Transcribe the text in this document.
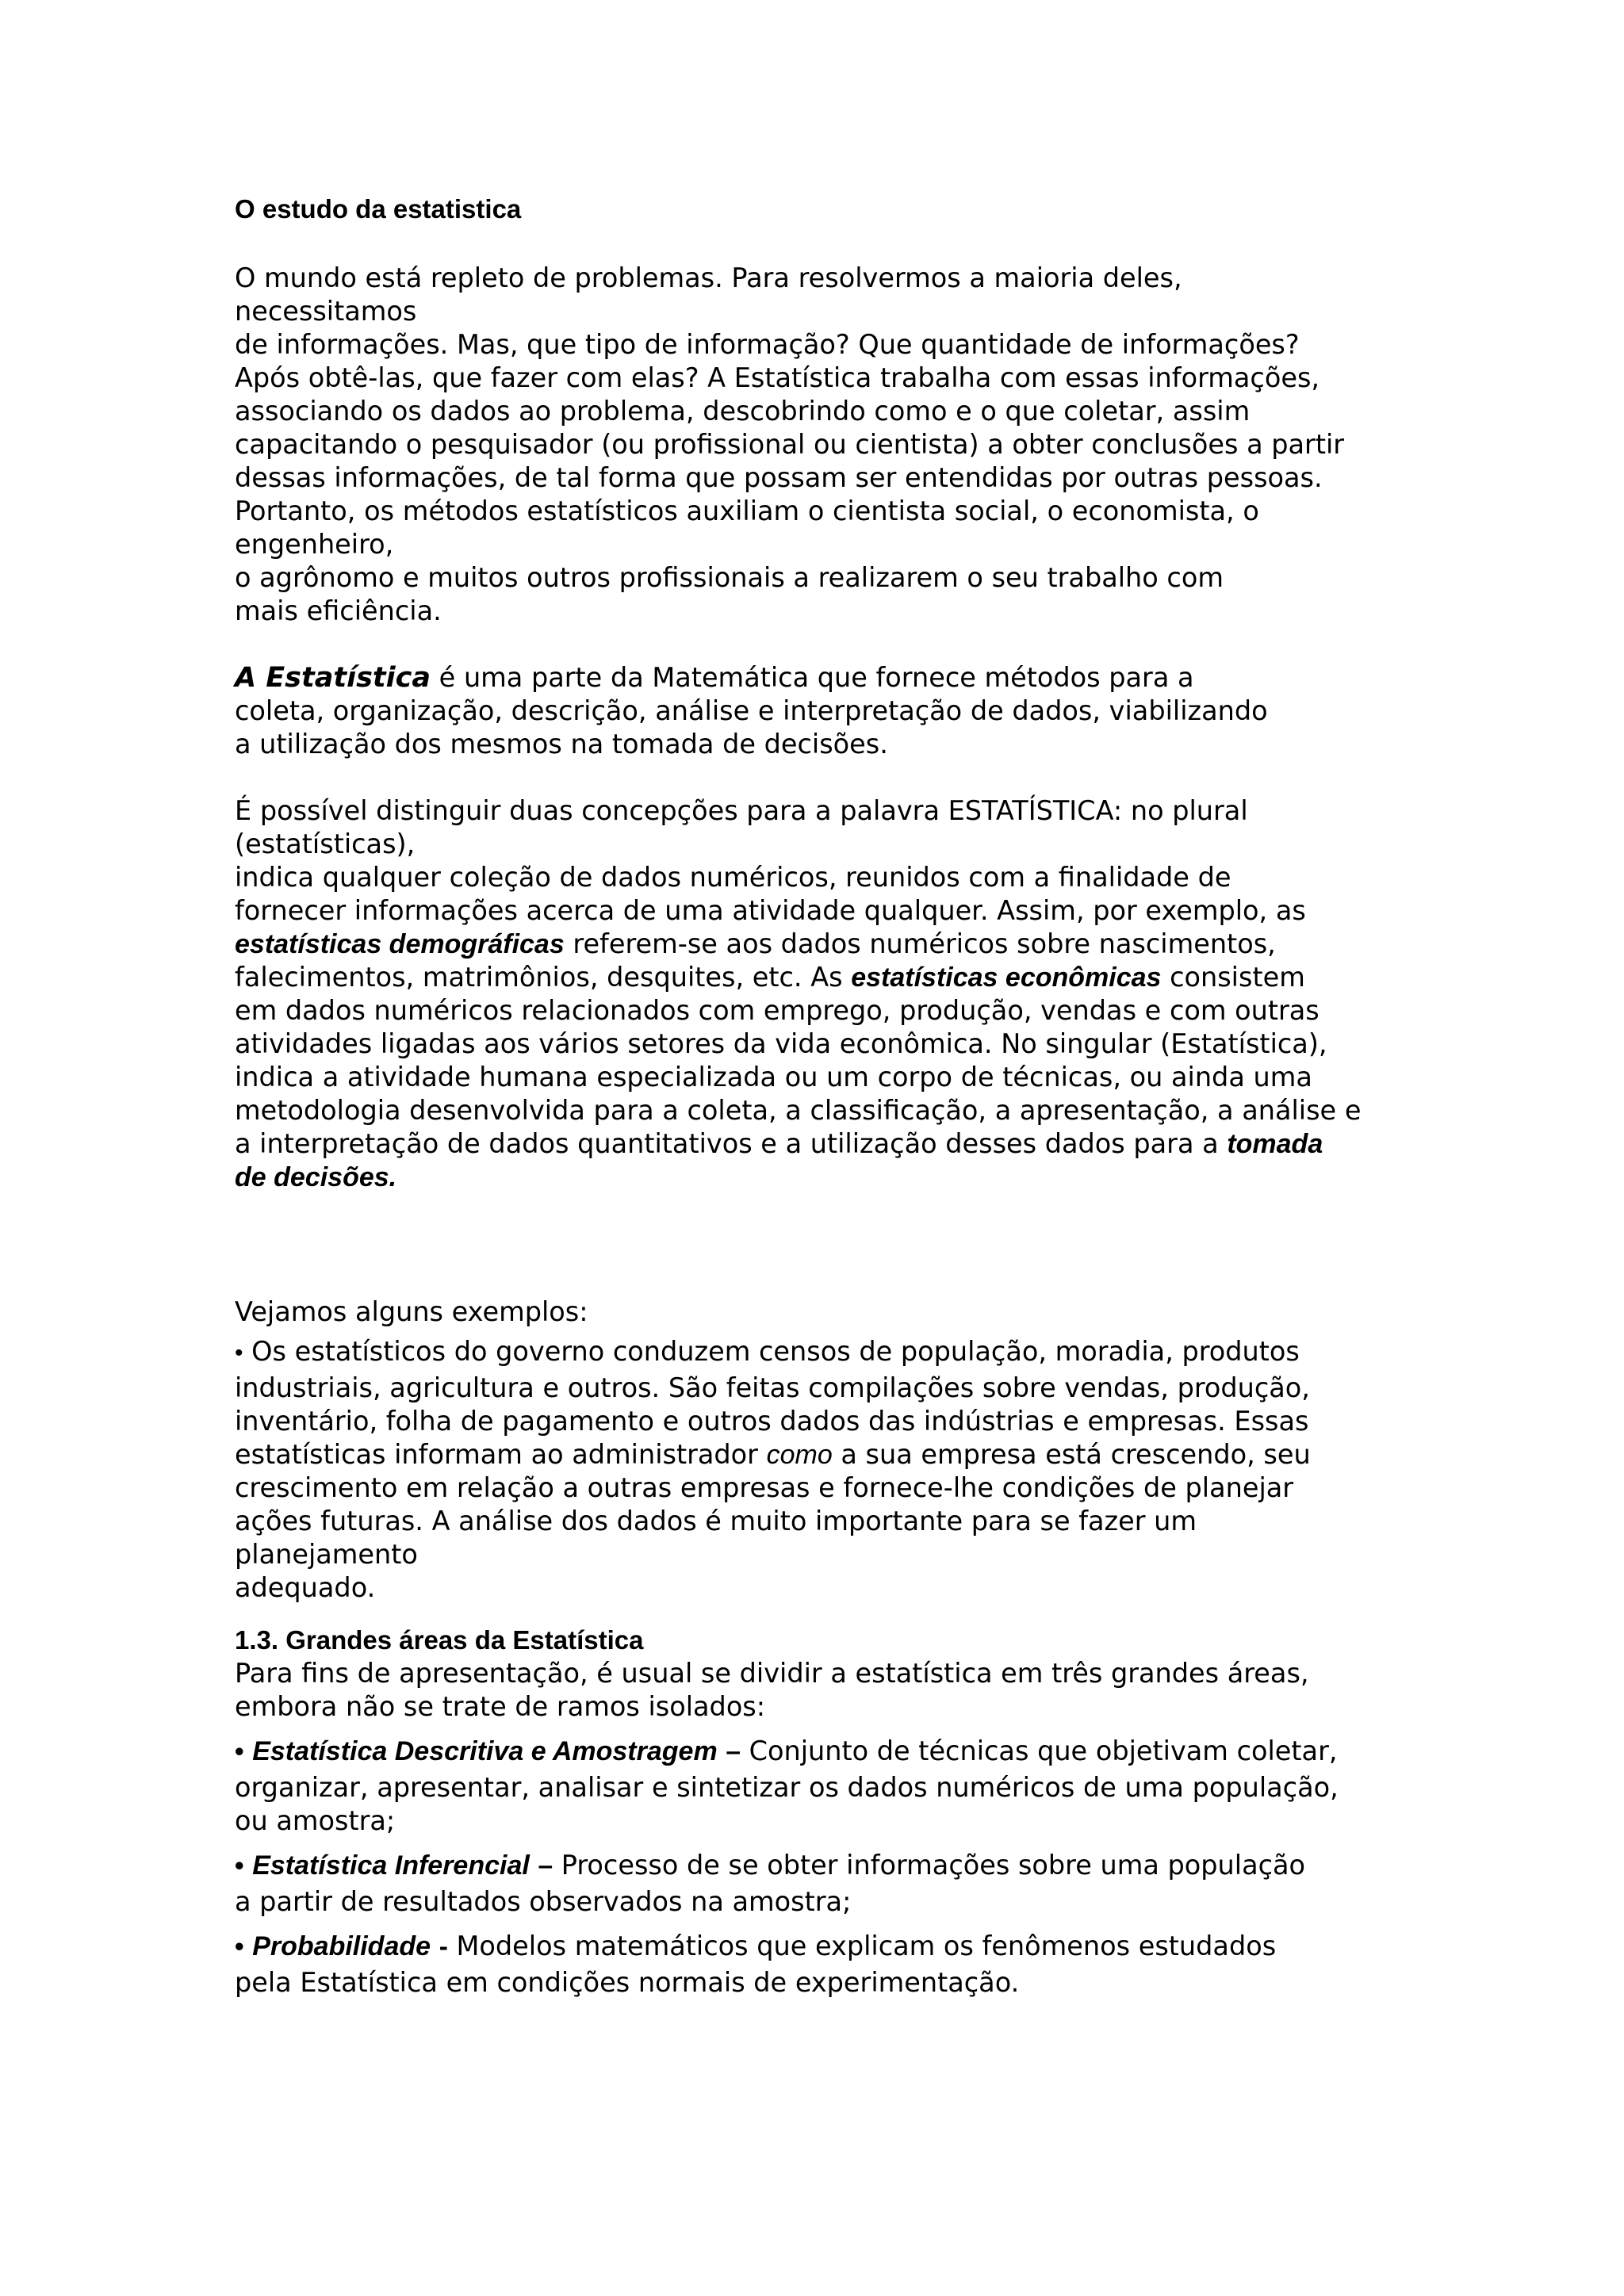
O estudo da estatistica
O mundo está repleto de problemas. Para resolvermos a maioria deles,
necessitamos
de informações. Mas, que tipo de informação? Que quantidade de informações?
Após obtê-las, que fazer com elas? A Estatística trabalha com essas informações,
associando os dados ao problema, descobrindo como e o que coletar, assim
capacitando o pesquisador (ou profissional ou cientista) a obter conclusões a partir
dessas informações, de tal forma que possam ser entendidas por outras pessoas.
Portanto, os métodos estatísticos auxiliam o cientista social, o economista, o
engenheiro,
o agrônomo e muitos outros profissionais a realizarem o seu trabalho com
mais eficiência.
A Estatística é uma parte da Matemática que fornece métodos para a
coleta, organização, descrição, análise e interpretação de dados, viabilizando
a utilização dos mesmos na tomada de decisões.
É possível distinguir duas concepções para a palavra ESTATÍSTICA: no plural
(estatísticas),
indica qualquer coleção de dados numéricos, reunidos com a finalidade de
fornecer informações acerca de uma atividade qualquer. Assim, por exemplo, as
estatísticas demográficas referem-se aos dados numéricos sobre nascimentos,
falecimentos, matrimônios, desquites, etc. As estatísticas econômicas consistem
em dados numéricos relacionados com emprego, produção, vendas e com outras
atividades ligadas aos vários setores da vida econômica. No singular (Estatística),
indica a atividade humana especializada ou um corpo de técnicas, ou ainda uma
metodologia desenvolvida para a coleta, a classificação, a apresentação, a análise e
a interpretação de dados quantitativos e a utilização desses dados para a tomada
de decisões.
Vejamos alguns exemplos:
• Os estatísticos do governo conduzem censos de população, moradia, produtos
industriais, agricultura e outros. São feitas compilações sobre vendas, produção,
inventário, folha de pagamento e outros dados das indústrias e empresas. Essas
estatísticas informam ao administrador como a sua empresa está crescendo, seu
crescimento em relação a outras empresas e fornece-lhe condições de planejar
ações futuras. A análise dos dados é muito importante para se fazer um
planejamento
adequado.
1.3. Grandes áreas da Estatística
Para fins de apresentação, é usual se dividir a estatística em três grandes áreas,
embora não se trate de ramos isolados:
• Estatística Descritiva e Amostragem – Conjunto de técnicas que objetivam coletar,
organizar, apresentar, analisar e sintetizar os dados numéricos de uma população,
ou amostra;
• Estatística Inferencial – Processo de se obter informações sobre uma população
a partir de resultados observados na amostra;
• Probabilidade - Modelos matemáticos que explicam os fenômenos estudados
pela Estatística em condições normais de experimentação.
